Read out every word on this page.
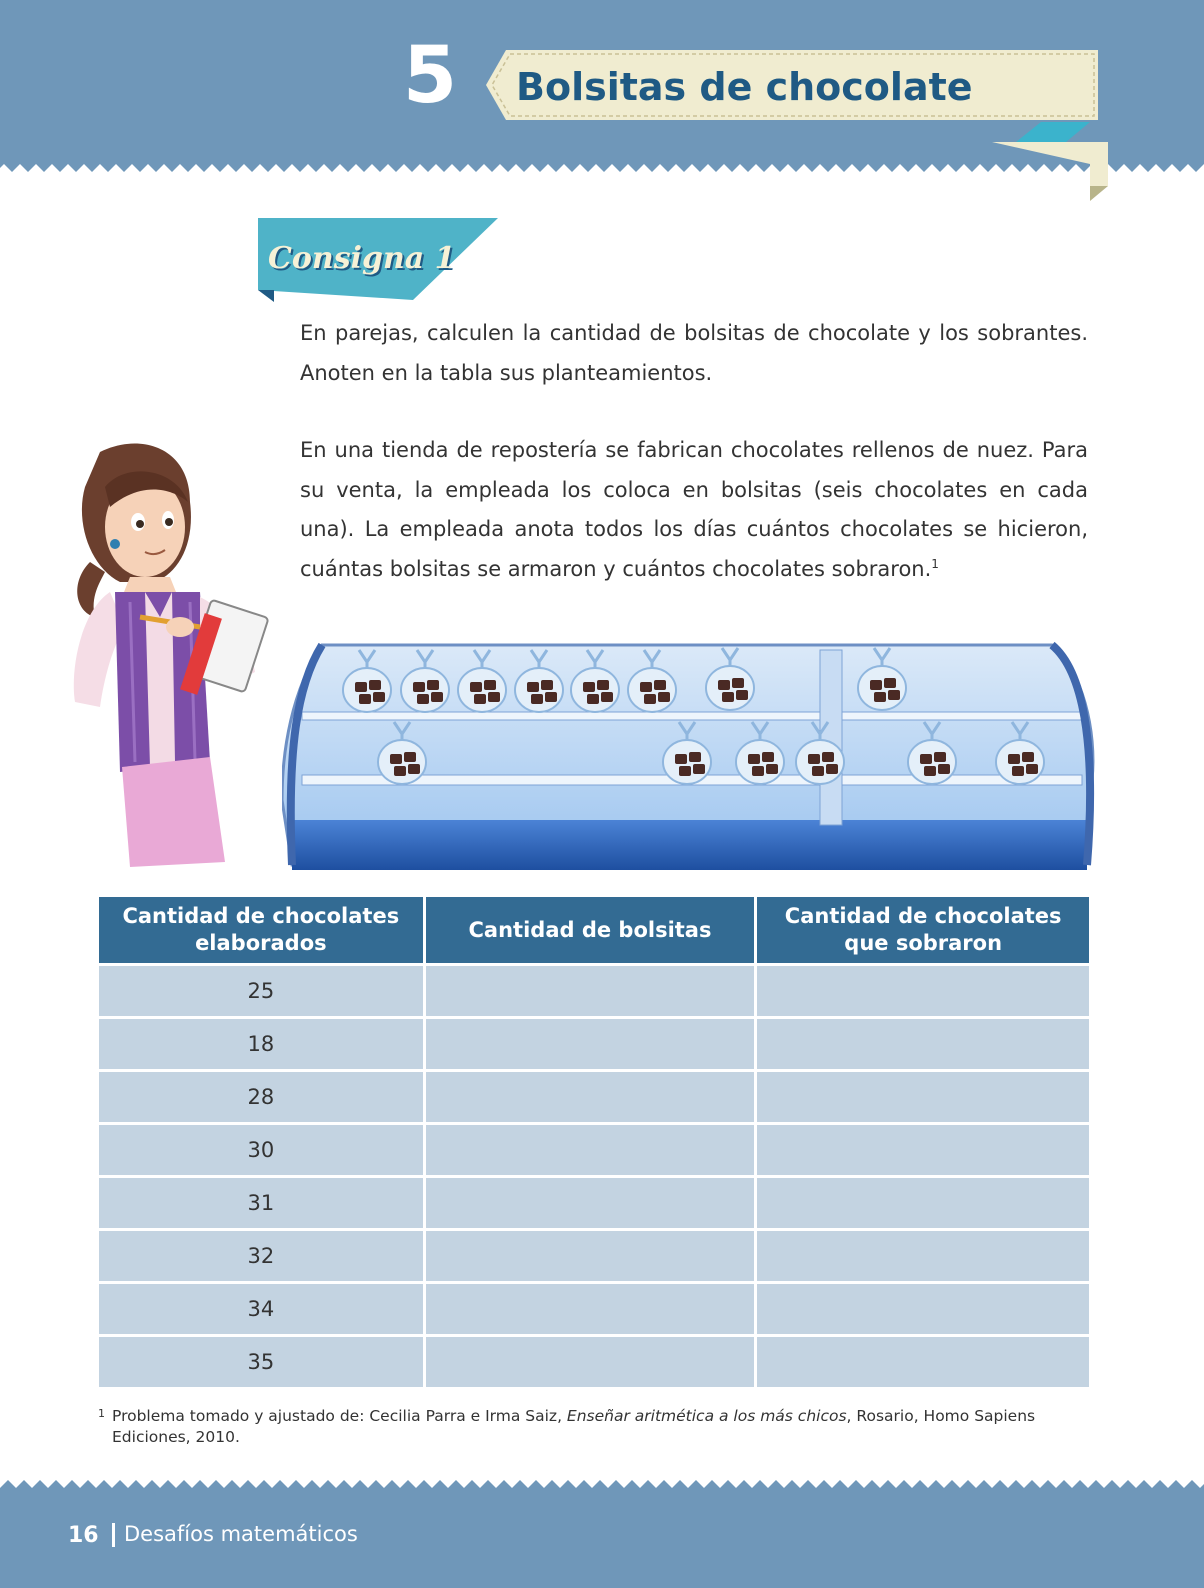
5 Bolsitas de chocolate
Consigna 1
En parejas, calculen la cantidad de bolsitas de chocolate y los sobrantes. Anoten en la tabla sus planteamientos.
En una tienda de repostería se fabrican chocolates rellenos de nuez. Para su venta, la empleada los coloca en bolsitas (seis chocolates en cada una). La empleada anota todos los días cuántos chocolates se hicieron, cuántas bolsitas se armaron y cuántos chocolates sobraron.$^1$
Cantidad de chocolates elaborados	Cantidad de bolsitas	Cantidad de chocolates que sobraron
25		
18		
28		
30		
31		
32		
34		
35		
1 Problema tomado y ajustado de: Cecilia Parra e Irma Saiz, Enseñar aritmética a los más chicos, Rosario, Homo Sapiens Ediciones, 2010.
16	Desafíos matemáticos
